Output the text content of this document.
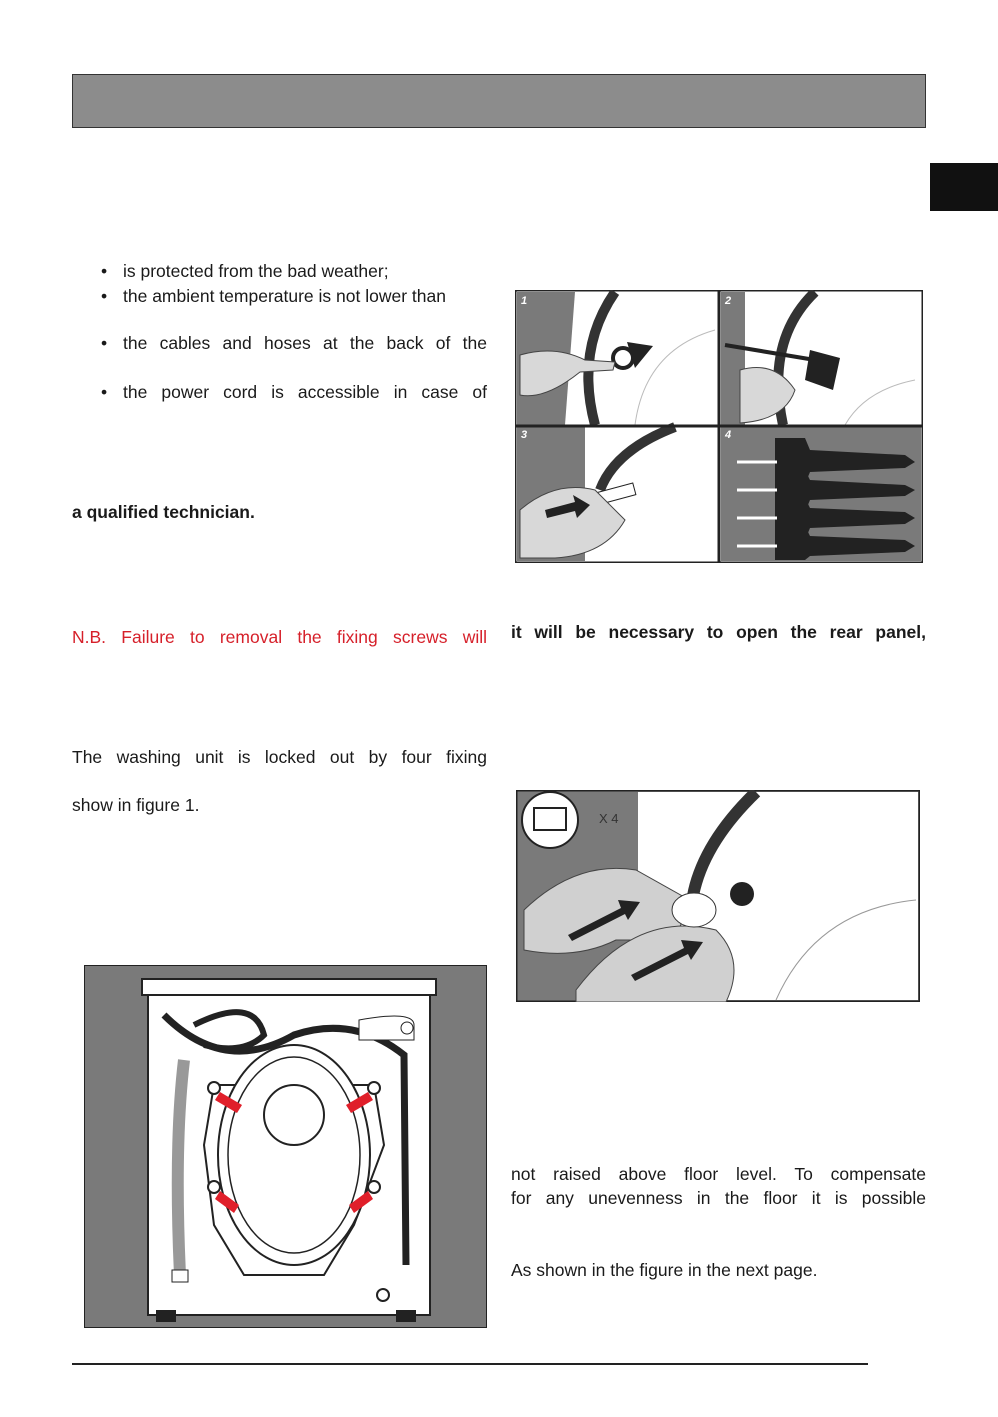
• is protected from the bad weather;
• the ambient temperature is not lower than
• the cables and hoses at the back of the
• the power cord is accessible in case of
a qualified technician.
N.B. Failure to removal the fixing screws will
The washing unit is locked out by four fixing
show in figure 1.
it will be necessary to open the rear panel,
not raised above floor level. To compensate
for any unevenness in the floor it is possible
As shown in the figure in the next page.
1	2
3	4
X 4
